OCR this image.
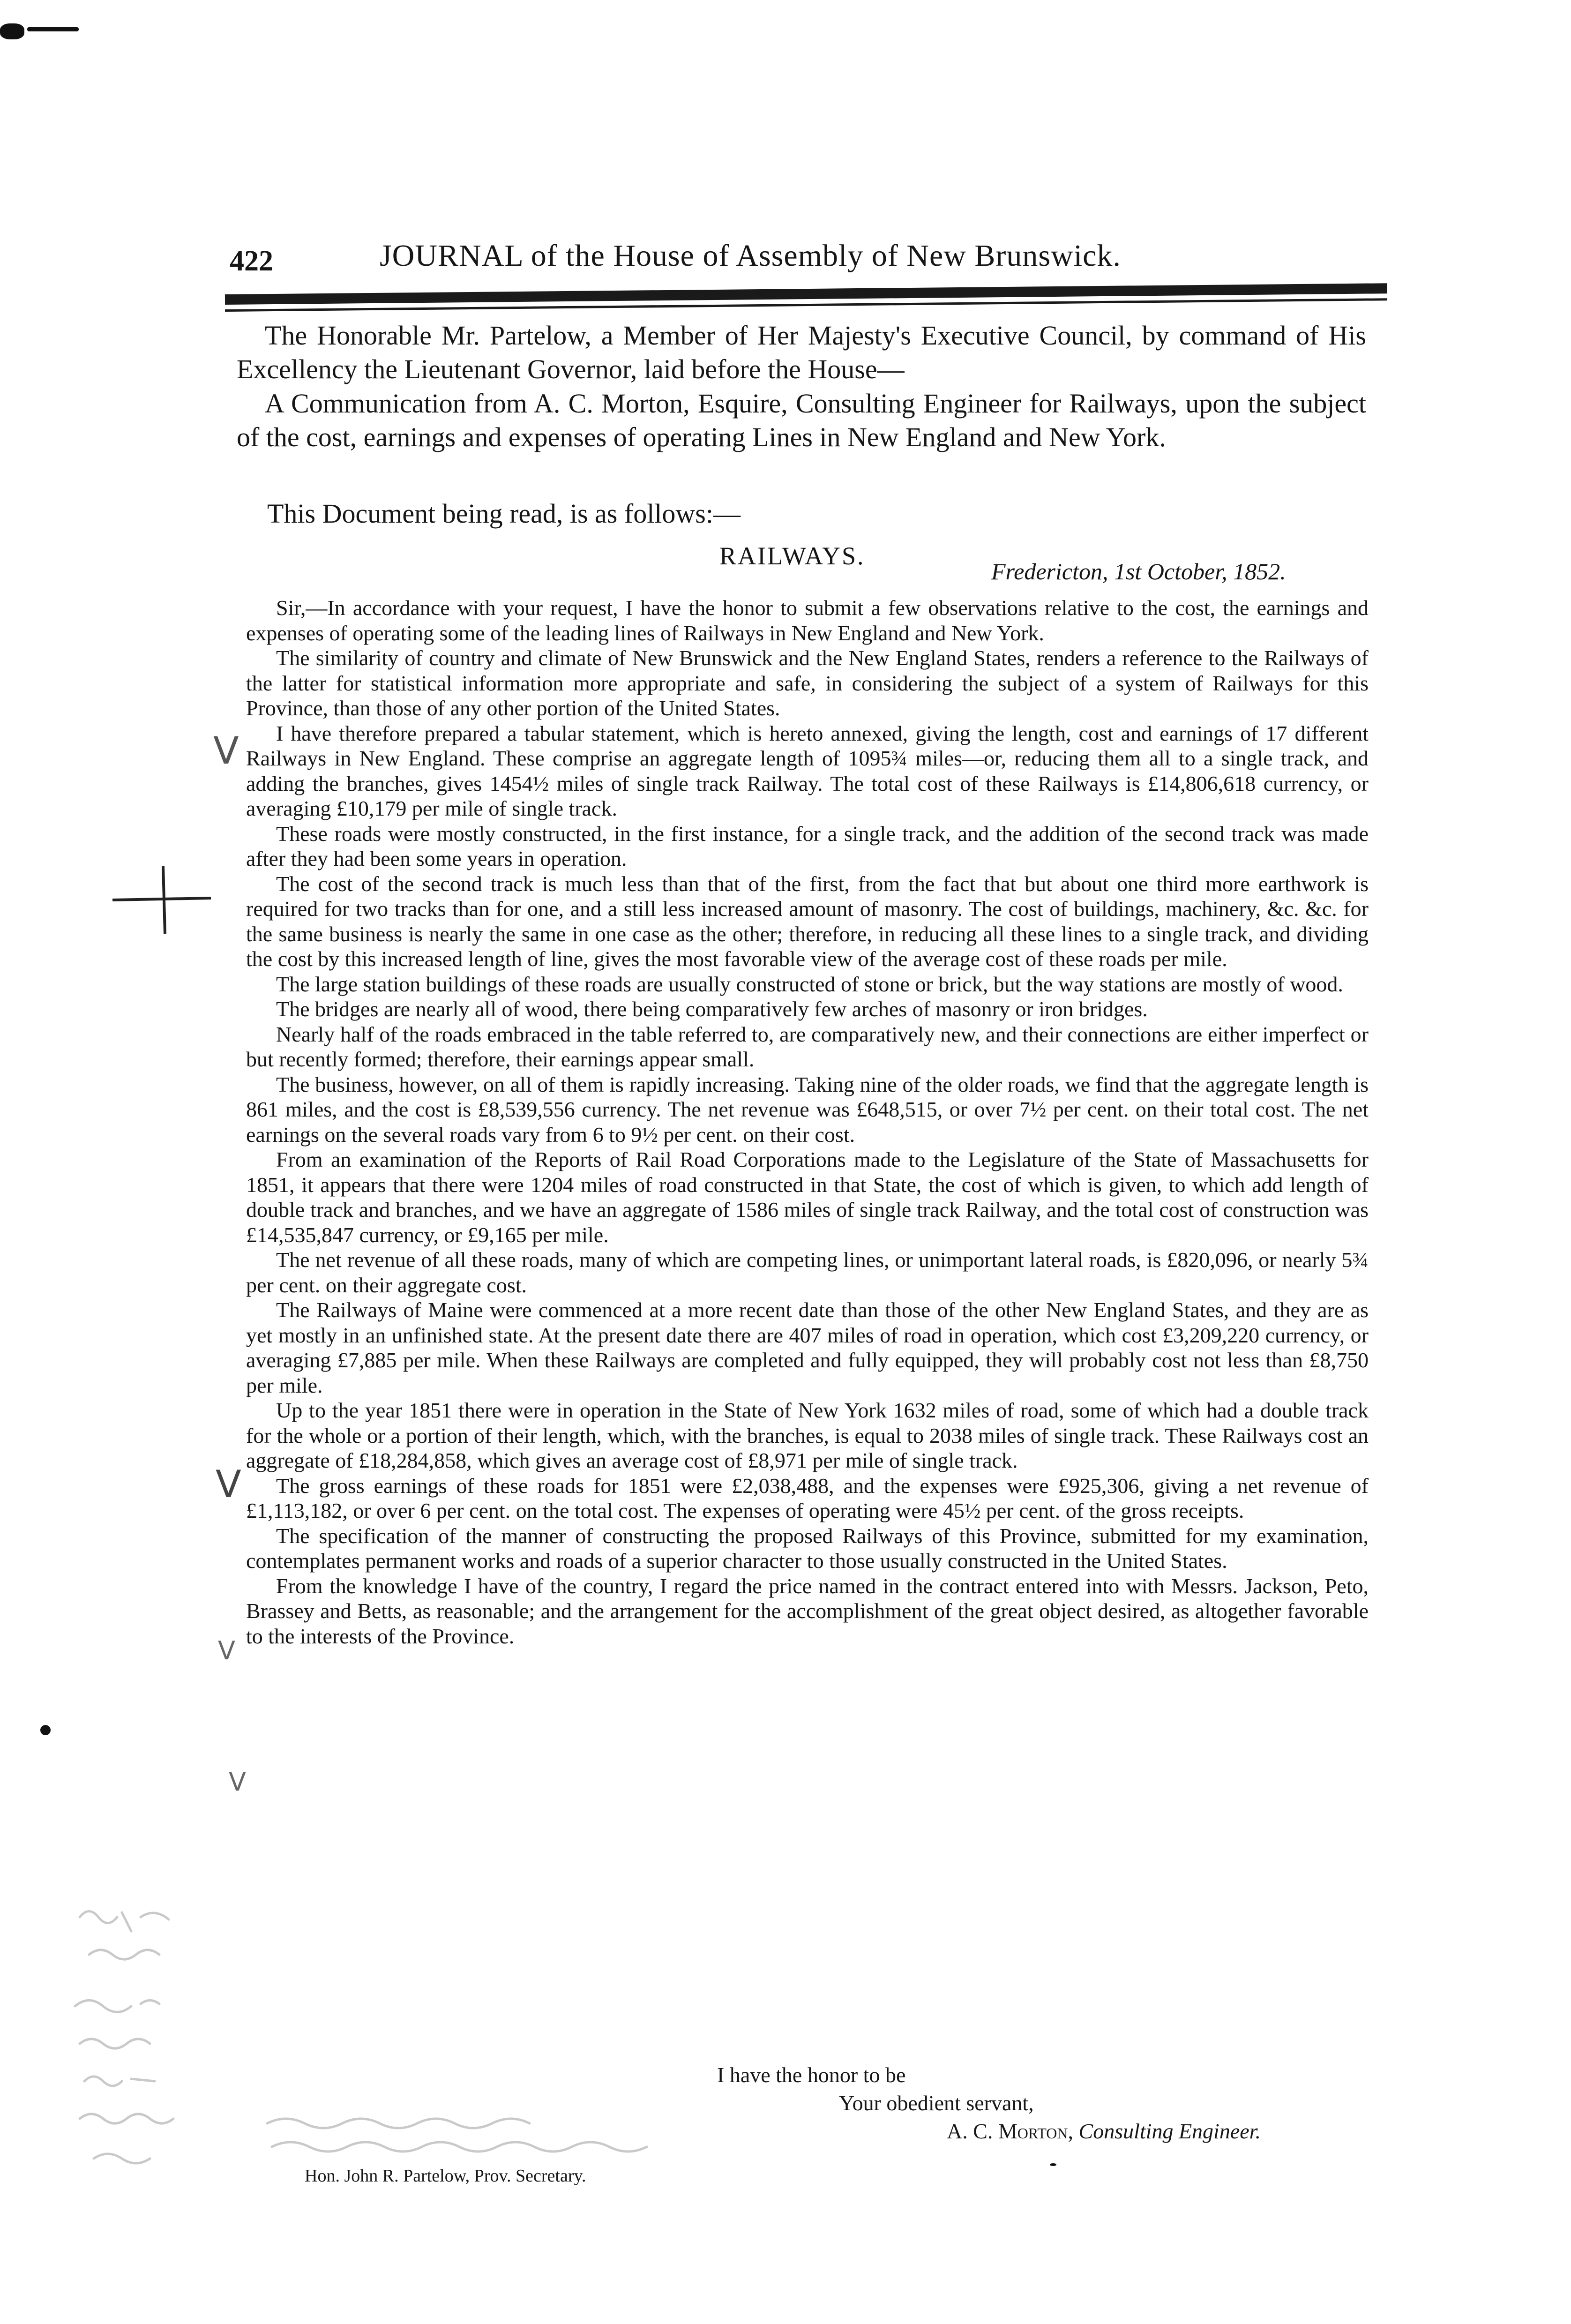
422	JOURNAL of the House of Assembly of New Brunswick.
The Honorable Mr. Partelow, a Member of Her Majesty's Executive Council, by command of His Excellency the Lieutenant Governor, laid before the House—
A Communication from A. C. Morton, Esquire, Consulting Engineer for Railways, upon the subject of the cost, earnings and expenses of operating Lines in New England and New York.
This Document being read, is as follows:—
RAILWAYS.
Fredericton, 1st October, 1852.

Sir,—In accordance with your request, I have the honor to submit a few observations relative to the cost, the earnings and expenses of operating some of the leading lines of Railways in New England and New York.

The similarity of country and climate of New Brunswick and the New England States, renders a reference to the Railways of the latter for statistical information more appropriate and safe, in considering the subject of a system of Railways for this Province, than those of any other portion of the United States.

I have therefore prepared a tabular statement, which is hereto annexed, giving the length, cost and earnings of 17 different Railways in New England. These comprise an aggregate length of 1095¾ miles—or, reducing them all to a single track, and adding the branches, gives 1454½ miles of single track Railway. The total cost of these Railways is £14,806,618 currency, or averaging £10,179 per mile of single track.

These roads were mostly constructed, in the first instance, for a single track, and the addition of the second track was made after they had been some years in operation.

The cost of the second track is much less than that of the first, from the fact that but about one third more earthwork is required for two tracks than for one, and a still less increased amount of masonry. The cost of buildings, machinery, &c. &c. for the same business is nearly the same in one case as the other; therefore, in reducing all these lines to a single track, and dividing the cost by this increased length of line, gives the most favorable view of the average cost of these roads per mile.

The large station buildings of these roads are usually constructed of stone or brick, but the way stations are mostly of wood.

The bridges are nearly all of wood, there being comparatively few arches of masonry or iron bridges.

Nearly half of the roads embraced in the table referred to, are comparatively new, and their connections are either imperfect or but recently formed; therefore, their earnings appear small.

The business, however, on all of them is rapidly increasing. Taking nine of the older roads, we find that the aggregate length is 861 miles, and the cost is £8,539,556 currency. The net revenue was £648,515, or over 7½ per cent. on their total cost. The net earnings on the several roads vary from 6 to 9½ per cent. on their cost.

From an examination of the Reports of Rail Road Corporations made to the Legislature of the State of Massachusetts for 1851, it appears that there were 1204 miles of road constructed in that State, the cost of which is given, to which add length of double track and branches, and we have an aggregate of 1586 miles of single track Railway, and the total cost of construction was £14,535,847 currency, or £9,165 per mile.

The net revenue of all these roads, many of which are competing lines, or unimportant lateral roads, is £820,096, or nearly 5¾ per cent. on their aggregate cost.

The Railways of Maine were commenced at a more recent date than those of the other New England States, and they are as yet mostly in an unfinished state. At the present date there are 407 miles of road in operation, which cost £3,209,220 currency, or averaging £7,885 per mile. When these Railways are completed and fully equipped, they will probably cost not less than £8,750 per mile.

Up to the year 1851 there were in operation in the State of New York 1632 miles of road, some of which had a double track for the whole or a portion of their length, which, with the branches, is equal to 2038 miles of single track. These Railways cost an aggregate of £18,284,858, which gives an average cost of £8,971 per mile of single track.

The gross earnings of these roads for 1851 were £2,038,488, and the expenses were £925,306, giving a net revenue of £1,113,182, or over 6 per cent. on the total cost. The expenses of operating were 45½ per cent. of the gross receipts.

The specification of the manner of constructing the proposed Railways of this Province, submitted for my examination, contemplates permanent works and roads of a superior character to those usually constructed in the United States.

From the knowledge I have of the country, I regard the price named in the contract entered into with Messrs. Jackson, Peto, Brassey and Betts, as reasonable; and the arrangement for the accomplishment of the great object desired, as altogether favorable to the interests of the Province.

I have the honor to be
Your obedient servant,
A. C. Morton, Consulting Engineer.
Hon. John R. Partelow, Prov. Secretary.
V
V
V
V
